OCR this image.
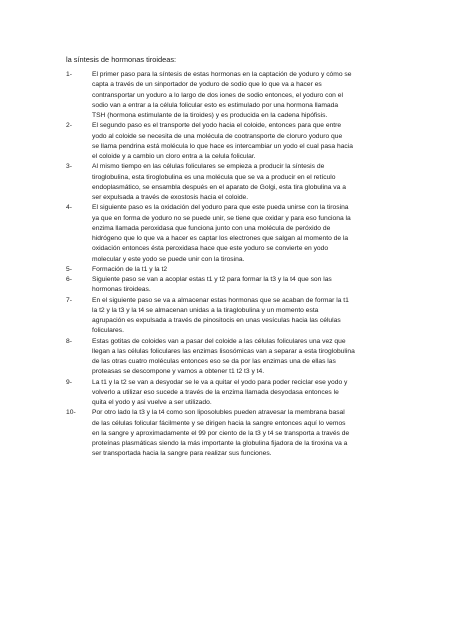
la síntesis de hormonas tiroideas:
1-	El primer paso para la síntesis de estas hormonas en la captación de yoduro y cómo se
capta a través de un sinportador de yoduro de sodio que lo que va a hacer es
contransportar un yoduro a lo largo de dos iones de sodio entonces, el yoduro con el
sodio van a entrar a la célula folicular esto es estimulado por una hormona llamada
TSH (hormona estimulante de la tiroides) y es producida en la cadena hipófisis.
2-	El segundo paso es el transporte del yodo hacia el coloide, entonces para que entre
yodo al coloide se necesita de una molécula de cootransporte de cloruro yoduro que
se llama pendrina está molécula lo que hace es intercambiar un yodo el cual pasa hacia
el coloide y a cambio un cloro entra a la celula folicular.
3-	Al mismo tiempo en las células foliculares se empieza a producir la síntesis de
tiroglobulina, esta tiroglobulina es una molécula que se va a producir en el retículo
endoplasmático, se ensambla después en el aparato de Golgi, esta tira globulina va a
ser expulsada a través de exostosis hacia el coloide.
4-	El siguiente paso es la oxidación del yoduro para que este pueda unirse con la tirosina
ya que en forma de yoduro no se puede unir, se tiene que oxidar y para eso funciona la
enzima llamada peroxidasa que funciona junto con una molécula de peróxido de
hidrógeno que lo que va a hacer es captar los electrones que salgan al momento de la
oxidación entonces ésta peroxidasa hace que este yoduro se convierte en yodo
molecular y este yodo se puede unir con la tirosina.
5-	Formación de la t1 y la t2
6-	Siguiente paso se van a acoplar estas t1 y t2 para formar la t3 y la t4 que son las
hormonas tiroideas.
7-	En el siguiente paso se va a almacenar estas hormonas que se acaban de formar la t1
la t2 y la t3 y la t4 se almacenan unidas a la tiraglobulina y un momento esta
agrupación es expulsada a través de pinositocis en unas vesículas hacia las células
foliculares.
8-	Estas gotitas de coloides van a pasar del coloide a las células foliculares una vez que
llegan a las células foliculares las enzimas lisosómicas van a separar a esta tiroglobulina
de las otras cuatro moléculas entonces eso se da por las enzimas una de ellas las
proteasas se descompone y vamos a obtener t1 t2 t3 y t4.
9-	La t1 y la t2 se van a desyodar se le va a quitar el yodo para poder reciclar ese yodo y
volverlo a utilizar eso sucede a través de la enzima llamada desyodasa entonces le
quita el yodo y asi vuelve a ser utilizado.
10-	Por otro lado la t3 y la t4 como son liposolubles pueden atravesar la membrana basal
de las células folicular fácilmente y se dirigen hacia la sangre entonces aquí lo vemos
en la sangre y aproximadamente el 99 por ciento de la t3 y t4 se transporta a través de
proteínas plasmáticas siendo la más importante la globulina fijadora de la tiroxina va a
ser transportada hacia la sangre para realizar sus funciones.
